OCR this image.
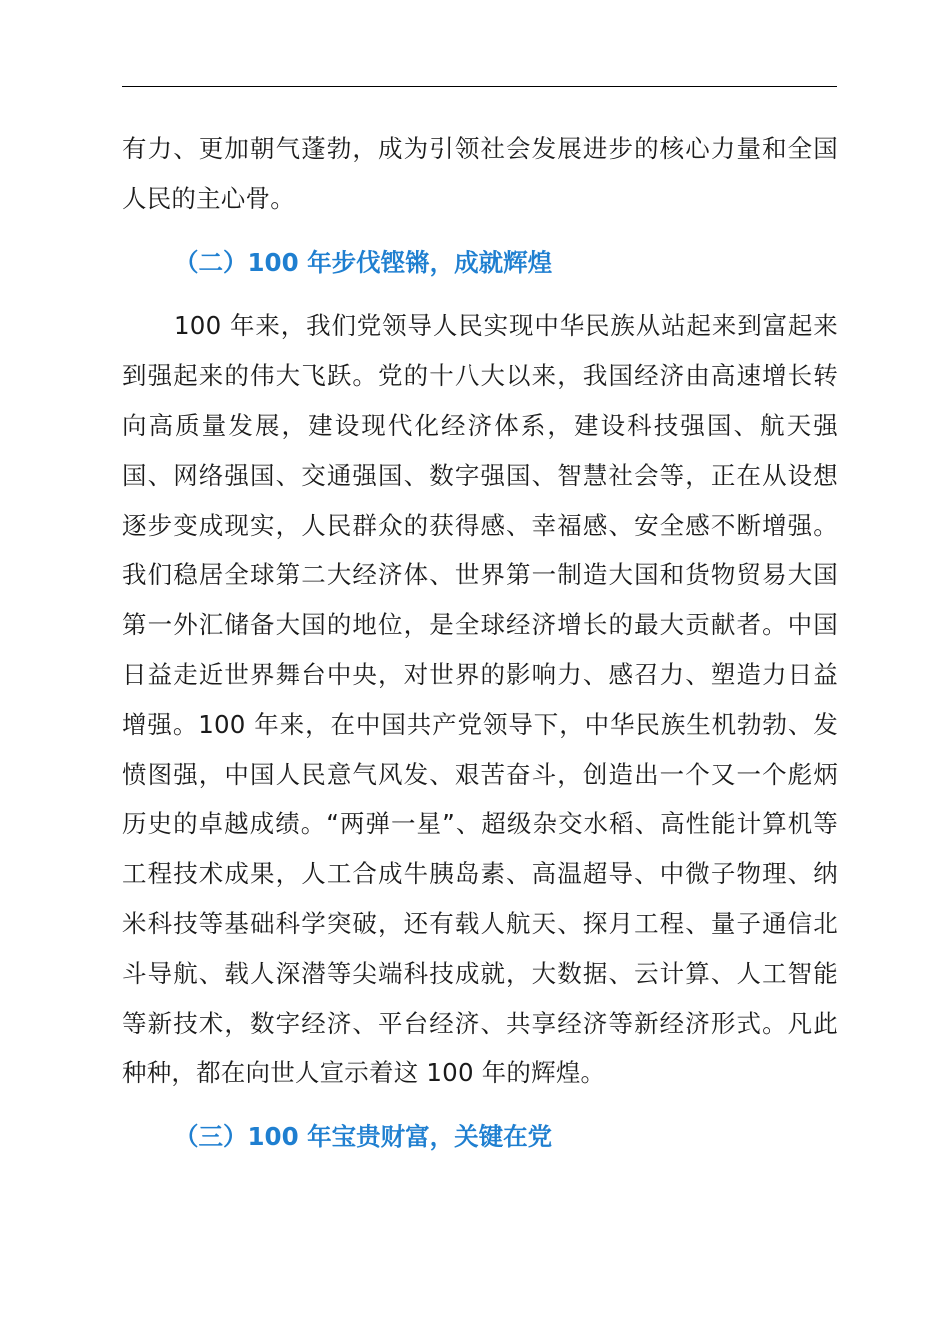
有力、更加朝气蓬勃，成为引领社会发展进步的核心力量和全国人民的主心骨。

（二）100 年步伐铿锵，成就辉煌

100 年来，我们党领导人民实现中华民族从站起来到富起来到强起来的伟大飞跃。党的十八大以来，我国经济由高速增长转向高质量发展，建设现代化经济体系，建设科技强国、航天强国、网络强国、交通强国、数字强国、智慧社会等，正在从设想逐步变成现实，人民群众的获得感、幸福感、安全感不断增强。我们稳居全球第二大经济体、世界第一制造大国和货物贸易大国第一外汇储备大国的地位，是全球经济增长的最大贡献者。中国日益走近世界舞台中央，对世界的影响力、感召力、塑造力日益增强。100 年来，在中国共产党领导下，中华民族生机勃勃、发愤图强，中国人民意气风发、艰苦奋斗，创造出一个又一个彪炳历史的卓越成绩。“两弹一星”、超级杂交水稻、高性能计算机等工程技术成果，人工合成牛胰岛素、高温超导、中微子物理、纳米科技等基础科学突破，还有载人航天、探月工程、量子通信北斗导航、载人深潜等尖端科技成就，大数据、云计算、人工智能等新技术，数字经济、平台经济、共享经济等新经济形式。凡此种种，都在向世人宣示着这 100 年的辉煌。

（三）100 年宝贵财富，关键在党
